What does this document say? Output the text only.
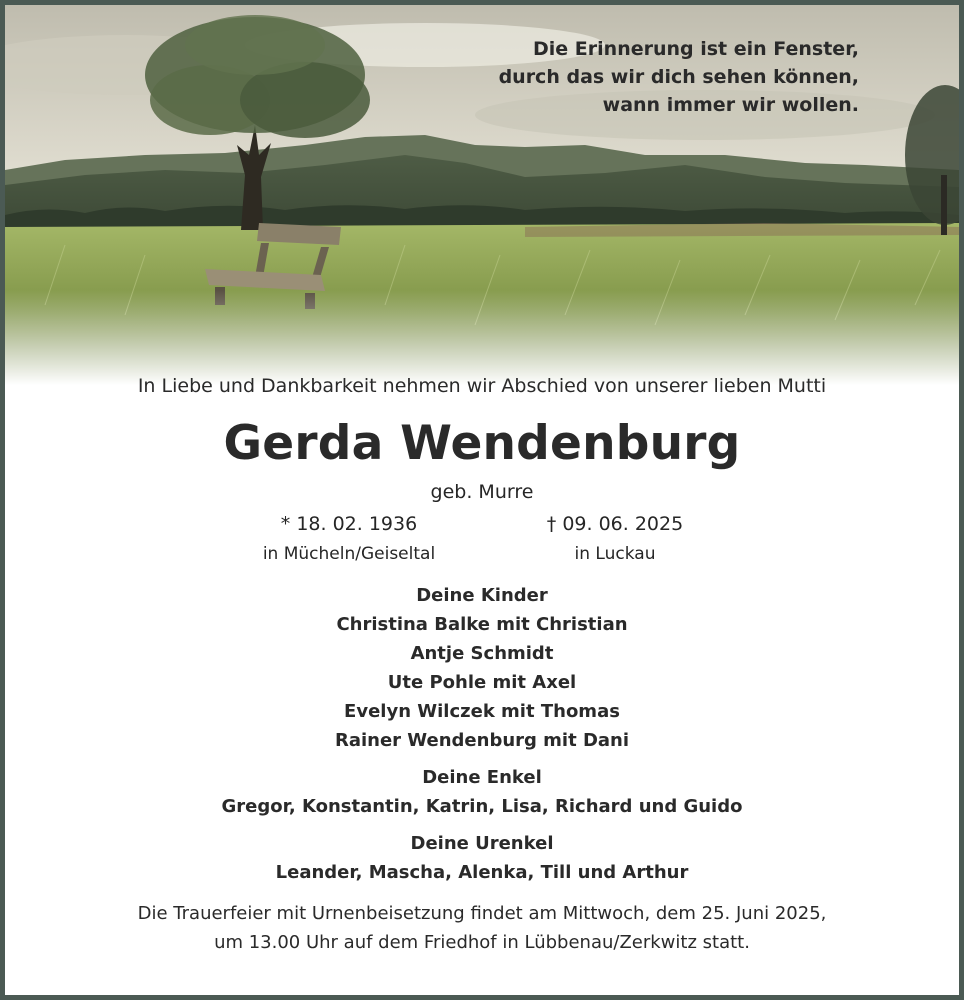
Die Erinnerung ist ein Fenster,
durch das wir dich sehen können,
wann immer wir wollen.
In Liebe und Dankbarkeit nehmen wir Abschied von unserer lieben Mutti
Gerda Wendenburg
geb. Murre
* 18. 02. 1936
in Mücheln/Geiseltal
† 09. 06. 2025
in Luckau
Deine Kinder
Christina Balke mit Christian
Antje Schmidt
Ute Pohle mit Axel
Evelyn Wilczek mit Thomas
Rainer Wendenburg mit Dani
Deine Enkel
Gregor, Konstantin, Katrin, Lisa, Richard und Guido
Deine Urenkel
Leander, Mascha, Alenka, Till und Arthur
Die Trauerfeier mit Urnenbeisetzung findet am Mittwoch, dem 25. Juni 2025,
um 13.00 Uhr auf dem Friedhof in Lübbenau/Zerkwitz statt.
